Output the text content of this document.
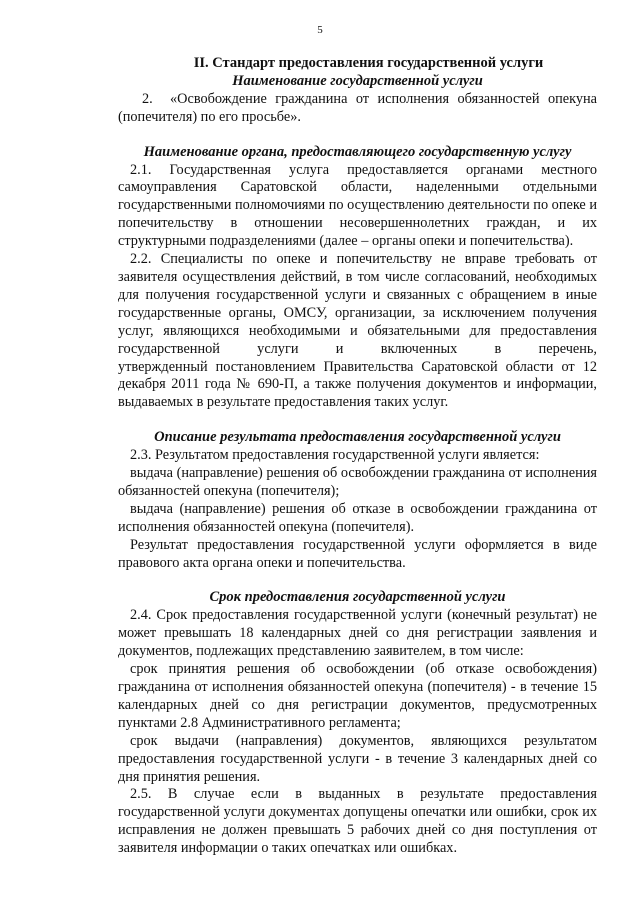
5
II. Стандарт предоставления государственной услуги
Наименование государственной услуги

2. «Освобождение гражданина от исполнения обязанностей опекуна (попечителя) по его просьбе».

Наименование органа, предоставляющего государственную услугу

2.1. Государственная услуга предоставляется органами местного самоуправления Саратовской области, наделенными отдельными государственными полномочиями по осуществлению деятельности по опеке и попечительству в отношении несовершеннолетних граждан, и их структурными подразделениями (далее – органы опеки и попечительства).

2.2. Специалисты по опеке и попечительству не вправе требовать от заявителя осуществления действий, в том числе согласований, необходимых для получения государственной услуги и связанных с обращением в иные государственные органы, ОМСУ, организации, за исключением получения услуг, являющихся необходимыми и обязательными для предоставления государственной услуги и включенных в перечень,

утвержденный постановлением Правительства Саратовской области от 12 декабря 2011 года № 690-П, а также получения документов и информации, выдаваемых в результате предоставления таких услуг.

Описание результата предоставления государственной услуги

2.3. Результатом предоставления государственной услуги является:

выдача (направление) решения об освобождении гражданина от исполнения обязанностей опекуна (попечителя);

выдача (направление) решения об отказе в освобождении гражданина от исполнения обязанностей опекуна (попечителя).

Результат предоставления государственной услуги оформляется в виде правового акта органа опеки и попечительства.

Срок предоставления государственной услуги

2.4. Срок предоставления государственной услуги (конечный результат) не может превышать 18 календарных дней со дня регистрации заявления и документов, подлежащих представлению заявителем, в том числе:

срок принятия решения об освобождении (об отказе освобождения) гражданина от исполнения обязанностей опекуна (попечителя) - в течение 15 календарных дней со дня регистрации документов, предусмотренных пунктами 2.8 Административного регламента;

срок выдачи (направления) документов, являющихся результатом предоставления государственной услуги - в течение 3 календарных дней со дня принятия решения.

2.5. В случае если в выданных в результате предоставления государственной услуги документах допущены опечатки или ошибки, срок их исправления не должен превышать 5 рабочих дней со дня поступления от заявителя информации о таких опечатках или ошибках.
